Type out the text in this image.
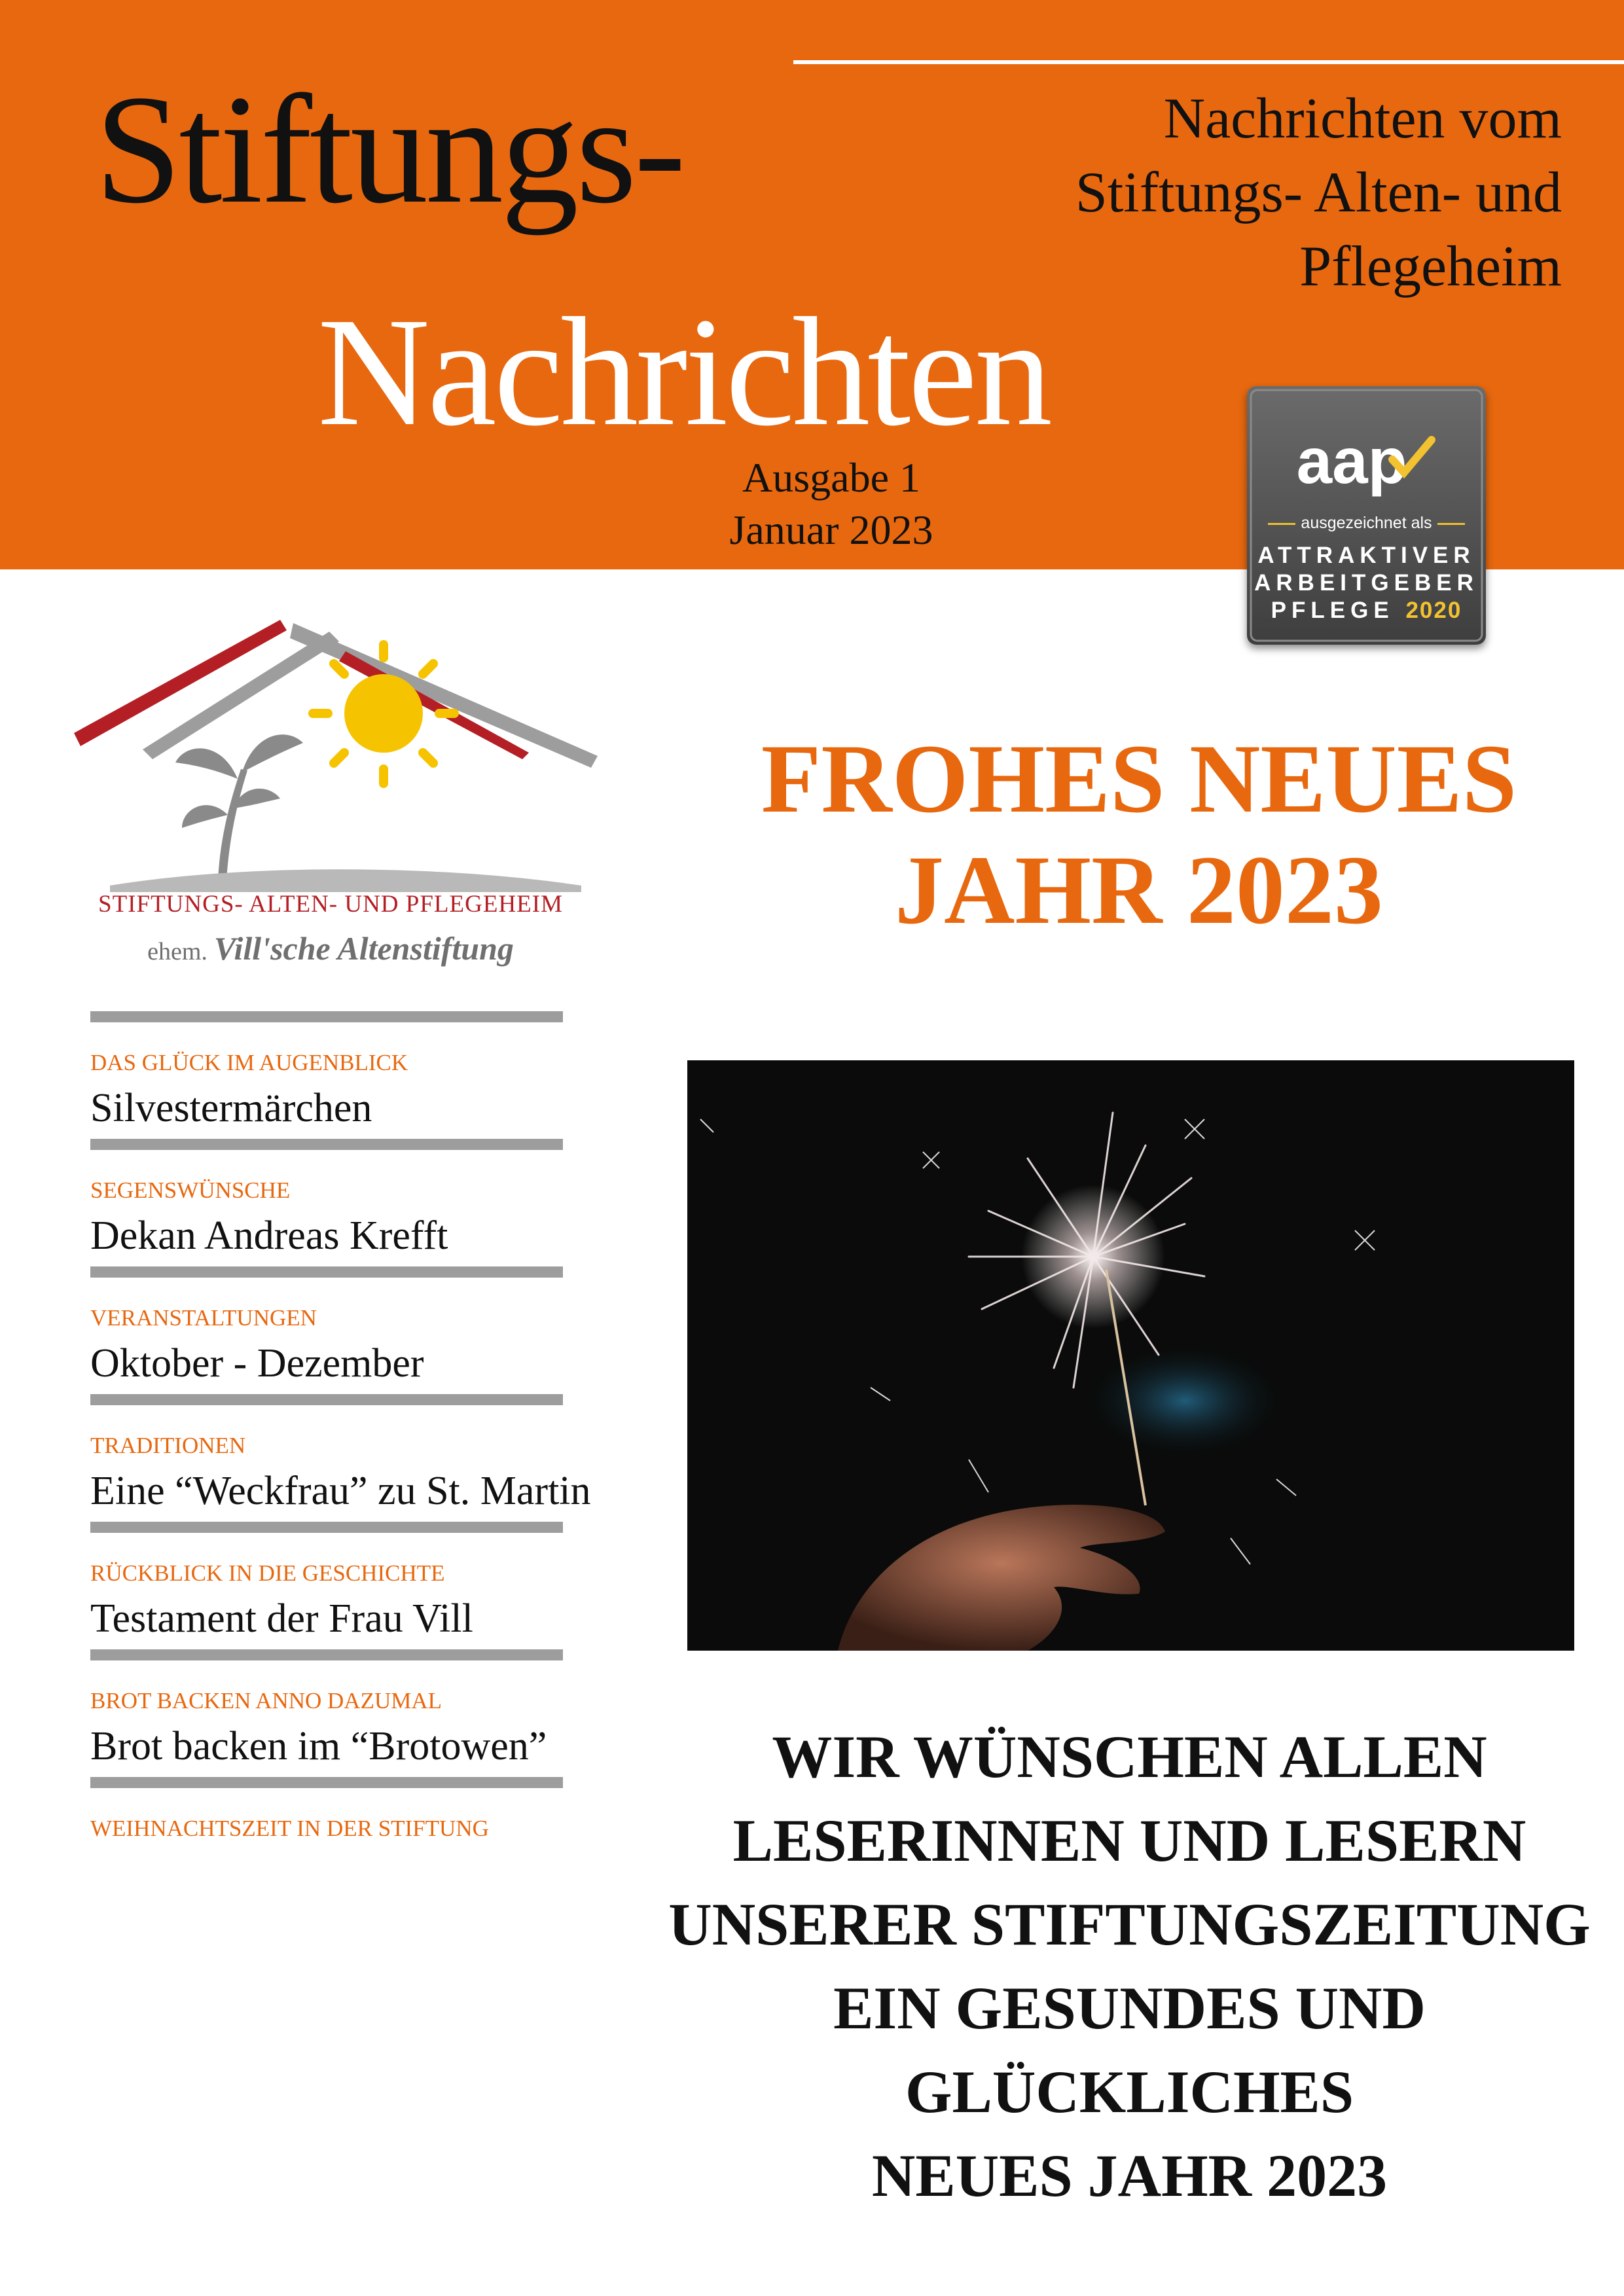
Stiftungs-
Nachrichten
Nachrichten vom
Stiftungs- Alten- und
Pflegeheim
Ausgabe 1
Januar 2023
aap
ausgezeichnet als
ATTRAKTIVER
ARBEITGEBER
PFLEGE 2020
STIFTUNGS- ALTEN- UND PFLEGEHEIM
ehem. Vill'sche Altenstiftung
DAS GLÜCK IM AUGENBLICK
Silvestermärchen
SEGENSWÜNSCHE
Dekan Andreas Krefft
VERANSTALTUNGEN
Oktober - Dezember
TRADITIONEN
Eine “Weckfrau” zu St. Martin
RÜCKBLICK IN DIE GESCHICHTE
Testament der Frau Vill
BROT BACKEN ANNO DAZUMAL
Brot backen im “Brotowen”
WEIHNACHTSZEIT IN DER STIFTUNG
FROHES NEUES
JAHR 2023
WIR WÜNSCHEN ALLEN
LESERINNEN UND LESERN
UNSERER STIFTUNGSZEITUNG
EIN GESUNDES UND
GLÜCKLICHES
NEUES JAHR 2023
